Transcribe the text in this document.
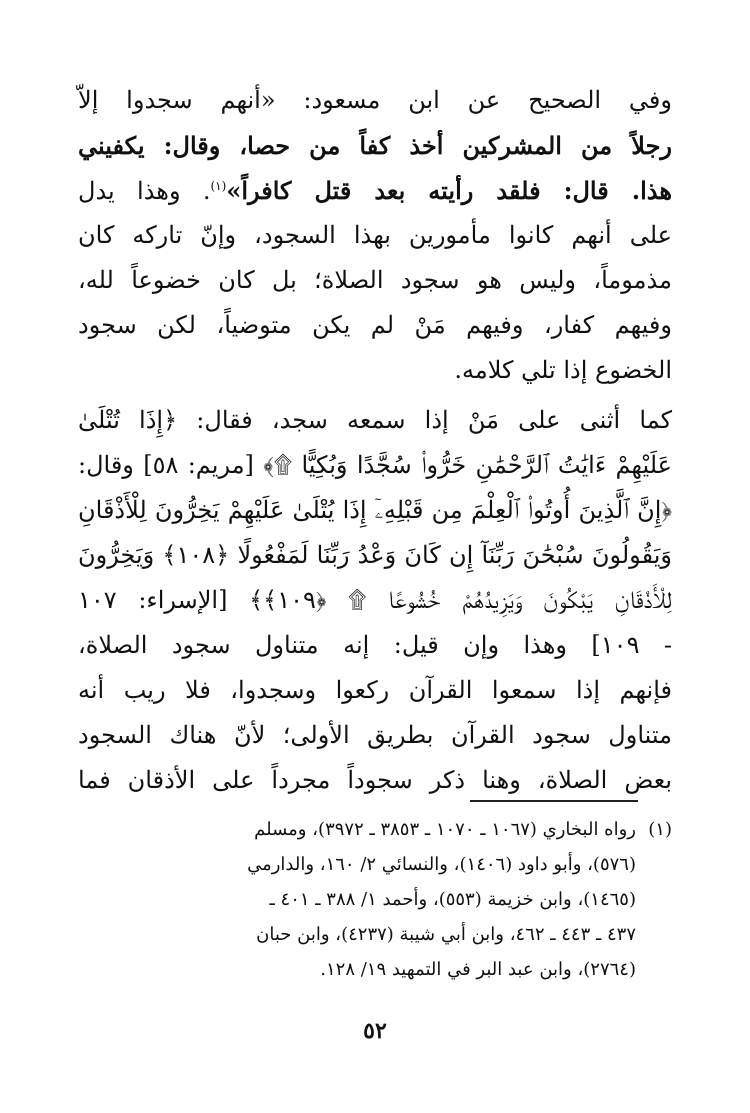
وفي الصحيح عن ابن مسعود: «أنهم سجدوا إلاّ
رجلاً من المشركين أخذ كفاً من حصا، وقال: يكفيني
هذا. قال: فلقد رأيته بعد قتل كافراً»$^{(١)}$. وهذا يدل
على أنهم كانوا مأمورين بهذا السجود، وإنّ تاركه كان
مذموماً، وليس هو سجود الصلاة؛ بل كان خضوعاً لله،
وفيهم كفار، وفيهم مَنْ لم يكن متوضياً، لكن سجود
الخضوع إذا تلي كلامه.
كما أثنى على مَنْ إذا سمعه سجد، فقال: ﴿إِذَا تُتْلَىٰ
عَلَيْهِمْ ءَايَٰتُ ٱلرَّحْمَٰنِ خَرُّوا۟ سُجَّدًا وَبُكِيًّا ۩﴾ [مريم: ٥٨] وقال:
﴿إِنَّ ٱلَّذِينَ أُوتُوا۟ ٱلْعِلْمَ مِن قَبْلِهِۦٓ إِذَا يُتْلَىٰ عَلَيْهِمْ يَخِرُّونَ لِلْأَذْقَانِ
وَيَقُولُونَ سُبْحَٰنَ رَبِّنَآ إِن كَانَ وَعْدُ رَبِّنَا لَمَفْعُولًا ﴿١٠٨﴾ وَيَخِرُّونَ
لِلْأَذْقَانِ يَبْكُونَ وَيَزِيدُهُمْ خُشُوعًا ۩ ﴿١٠٩﴾﴾ [الإسراء: ١٠٧
- ١٠٩] وهذا وإن قيل: إنه متناول سجود الصلاة،
فإنهم إذا سمعوا القرآن ركعوا وسجدوا، فلا ريب أنه
متناول سجود القرآن بطريق الأولى؛ لأنّ هناك السجود
بعض الصلاة، وهنا ذكر سجوداً مجرداً على الأذقان فما
(١)رواه البخاري (١٠٦٧ ـ ١٠٧٠ ـ ٣٨٥٣ ـ ٣٩٧٢)، ومسلم
(٥٧٦)، وأبو داود (١٤٠٦)، والنسائي ٢/ ١٦٠، والدارمي
(١٤٦٥)، وابن خزيمة (٥٥٣)، وأحمد ١/ ٣٨٨ ـ ٤٠١ ـ
٤٣٧ ـ ٤٤٣ ـ ٤٦٢، وابن أبي شيبة (٤٢٣٧)، وابن حبان
(٢٧٦٤)، وابن عبد البر في التمهيد ١٩/ ١٢٨.
٥٢
